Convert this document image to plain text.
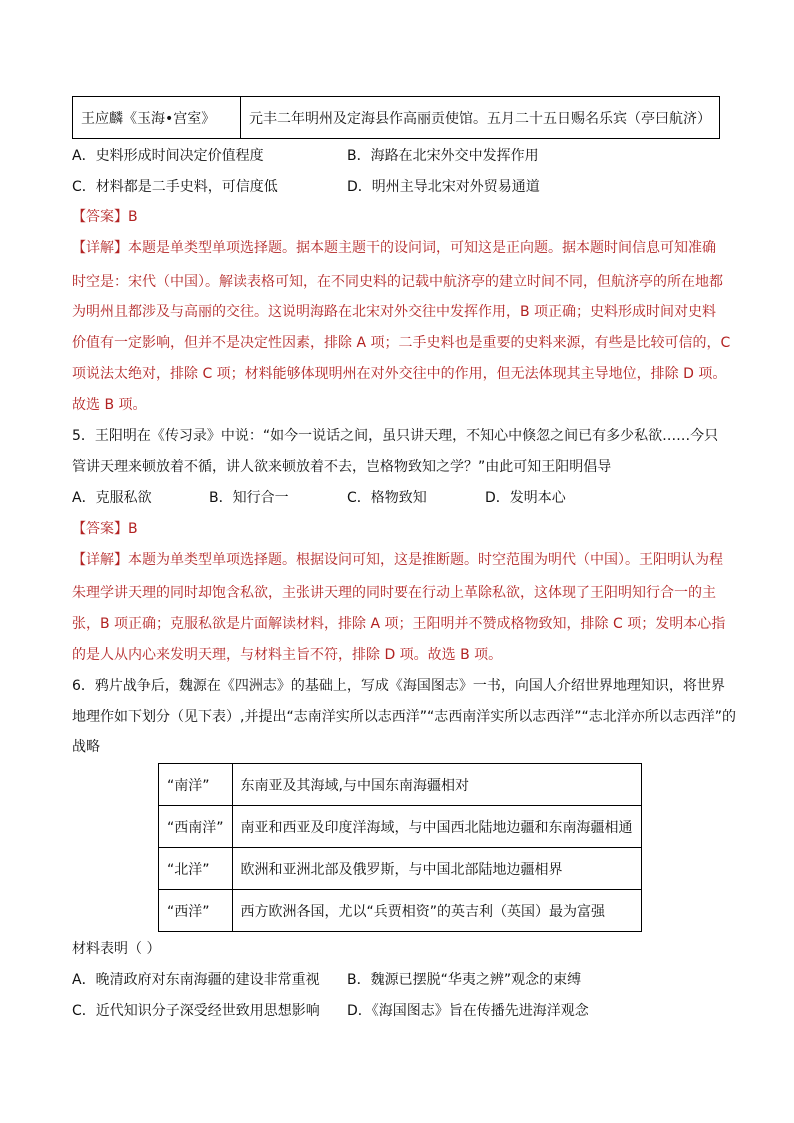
王应麟《玉海•宫室》	元丰二年明州及定海县作高丽贡使馆。五月二十五日赐名乐宾（亭曰航济）
A．史料形成时间决定价值程度	B．海路在北宋外交中发挥作用
C．材料都是二手史料，可信度低	D．明州主导北宋对外贸易通道
【答案】B
【详解】本题是单类型单项选择题。据本题主题干的设问词，可知这是正向题。据本题时间信息可知准确
时空是：宋代（中国）。解读表格可知，在不同史料的记载中航济亭的建立时间不同，但航济亭的所在地都
为明州且都涉及与高丽的交往。这说明海路在北宋对外交往中发挥作用，B 项正确；史料形成时间对史料
价值有一定影响，但并不是决定性因素，排除 A 项；二手史料也是重要的史料来源，有些是比较可信的，C
项说法太绝对，排除 C 项；材料能够体现明州在对外交往中的作用，但无法体现其主导地位，排除 D 项。
故选 B 项。
5．王阳明在《传习录》中说：“如今一说话之间，虽只讲天理，不知心中倏忽之间已有多少私欲……今只
管讲天理来顿放着不循，讲人欲来顿放着不去，岂格物致知之学？”由此可知王阳明倡导
A．克服私欲	B．知行合一	C．格物致知	D．发明本心
【答案】B
【详解】本题为单类型单项选择题。根据设问可知，这是推断题。时空范围为明代（中国）。王阳明认为程
朱理学讲天理的同时却饱含私欲，主张讲天理的同时要在行动上革除私欲，这体现了王阳明知行合一的主
张，B 项正确；克服私欲是片面解读材料，排除 A 项；王阳明并不赞成格物致知，排除 C 项；发明本心指
的是人从内心来发明天理，与材料主旨不符，排除 D 项。故选 B 项。
6．鸦片战争后，魏源在《四洲志》的基础上，写成《海国图志》一书，向国人介绍世界地理知识，将世界
地理作如下划分（见下表）,并提出“志南洋实所以志西洋”“志西南洋实所以志西洋”“志北洋亦所以志西洋”的
战略
“南洋”	东南亚及其海域,与中国东南海疆相对
“西南洋”	南亚和西亚及印度洋海域，与中国西北陆地边疆和东南海疆相通
“北洋”	欧洲和亚洲北部及俄罗斯，与中国北部陆地边疆相界
“西洋”	西方欧洲各国，尤以“兵贾相资”的英吉利（英国）最为富强
材料表明（ ）
A．晚清政府对东南海疆的建设非常重视 B．魏源已摆脱“华夷之辨”观念的束缚
C．近代知识分子深受经世致用思想影响 D．《海国图志》旨在传播先进海洋观念
